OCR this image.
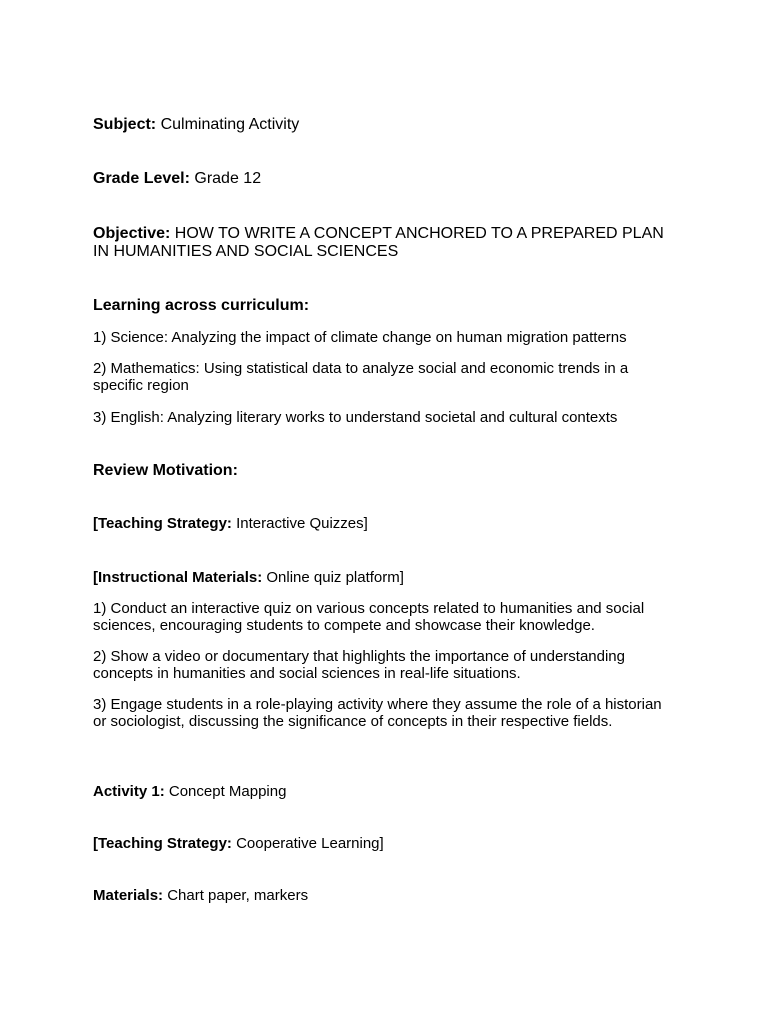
Subject: Culminating Activity

Grade Level: Grade 12

Objective: HOW TO WRITE A CONCEPT ANCHORED TO A PREPARED PLAN IN HUMANITIES AND SOCIAL SCIENCES

Learning across curriculum:

1) Science: Analyzing the impact of climate change on human migration patterns

2) Mathematics: Using statistical data to analyze social and economic trends in a specific region

3) English: Analyzing literary works to understand societal and cultural contexts

Review Motivation:

[Teaching Strategy: Interactive Quizzes]

[Instructional Materials: Online quiz platform]

1) Conduct an interactive quiz on various concepts related to humanities and social sciences, encouraging students to compete and showcase their knowledge.

2) Show a video or documentary that highlights the importance of understanding concepts in humanities and social sciences in real-life situations.

3) Engage students in a role-playing activity where they assume the role of a historian or sociologist, discussing the significance of concepts in their respective fields.

Activity 1: Concept Mapping

[Teaching Strategy: Cooperative Learning]

Materials: Chart paper, markers
